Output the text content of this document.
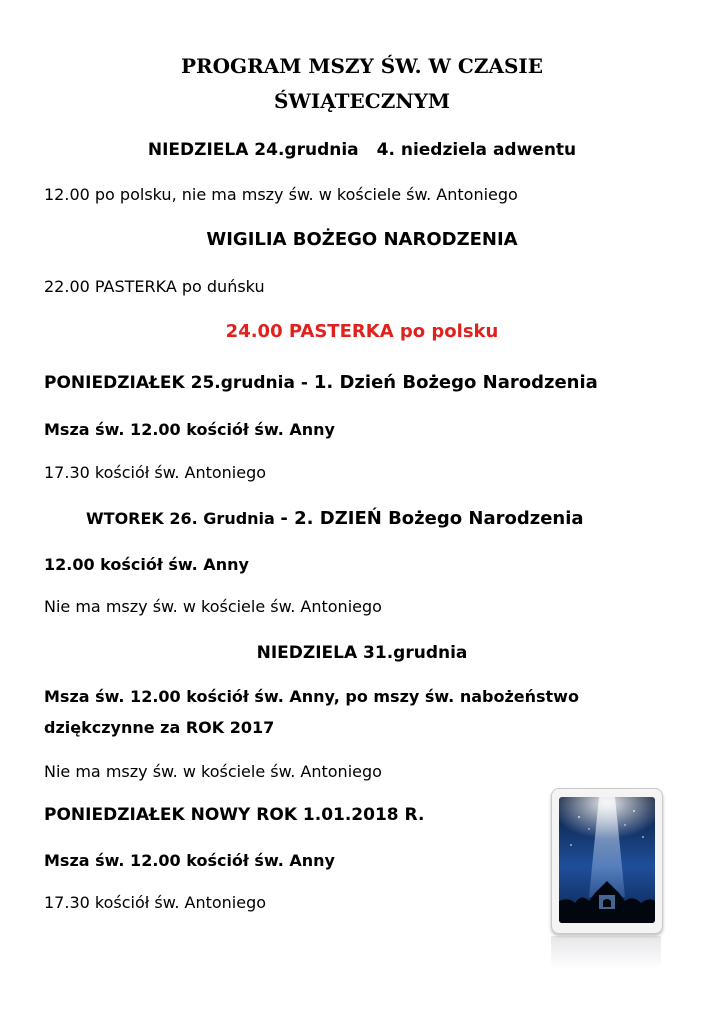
PROGRAM MSZY ŚW. W CZASIE
ŚWIĄTECZNYM
NIEDZIELA 24.grudnia 4. niedziela adwentu
12.00 po polsku, nie ma mszy św. w kościele św. Antoniego
WIGILIA BOŻEGO NARODZENIA
22.00 PASTERKA po duńsku
24.00 PASTERKA po polsku
PONIEDZIAŁEK 25.grudnia - 1. Dzień Bożego Narodzenia
Msza św. 12.00 kościół św. Anny
17.30 kościół św. Antoniego
WTOREK 26. Grudnia - 2. DZIEŃ Bożego Narodzenia
12.00 kościół św. Anny
Nie ma mszy św. w kościele św. Antoniego
NIEDZIELA 31.grudnia
Msza św. 12.00 kościół św. Anny, po mszy św. nabożeństwo
dziękczynne za ROK 2017
Nie ma mszy św. w kościele św. Antoniego
PONIEDZIAŁEK NOWY ROK 1.01.2018 R.
Msza św. 12.00 kościół św. Anny
17.30 kościół św. Antoniego
